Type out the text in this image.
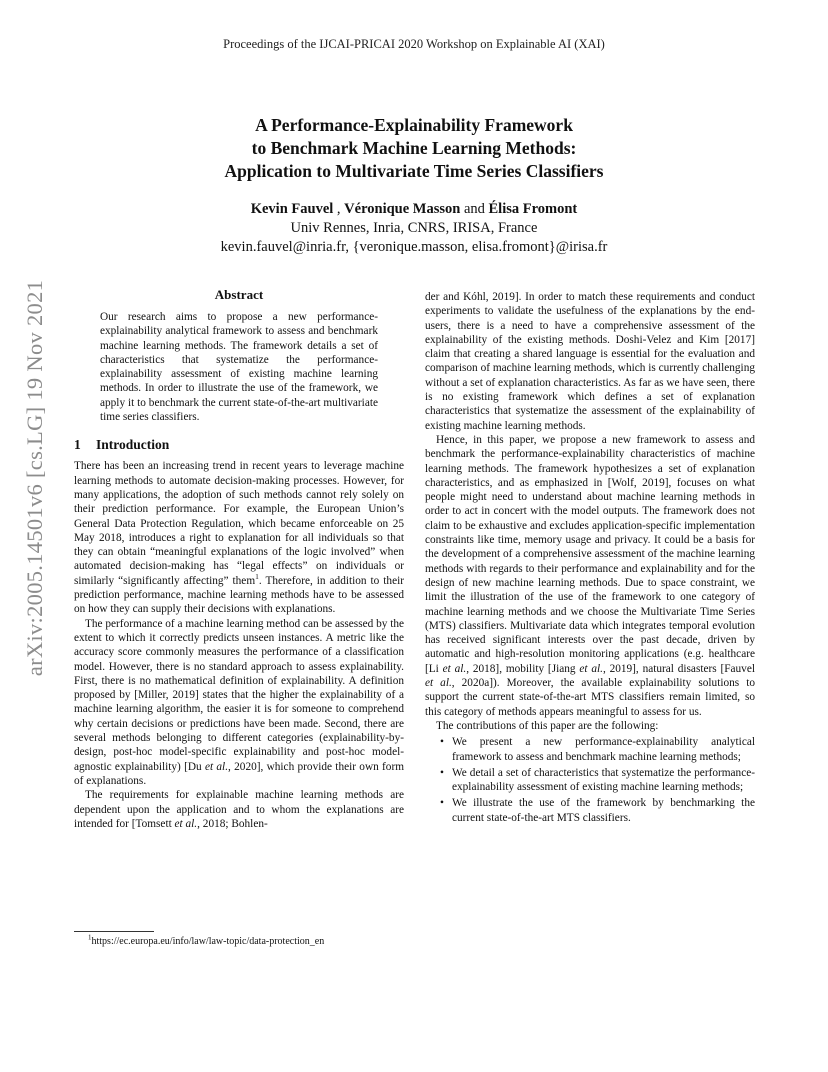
Proceedings of the IJCAI-PRICAI 2020 Workshop on Explainable AI (XAI)
arXiv:2005.14501v6 [cs.LG] 19 Nov 2021
A Performance-Explainability Framework
to Benchmark Machine Learning Methods:
Application to Multivariate Time Series Classifiers
Kevin Fauvel , Véronique Masson and Élisa Fromont
Univ Rennes, Inria, CNRS, IRISA, France
kevin.fauvel@inria.fr, {veronique.masson, elisa.fromont}@irisa.fr
Abstract

Our research aims to propose a new performance-explainability analytical framework to assess and benchmark machine learning methods. The framework details a set of characteristics that systematize the performance-explainability assessment of existing machine learning methods. In order to illustrate the use of the framework, we apply it to benchmark the current state-of-the-art multivariate time series classifiers.

1 Introduction

There has been an increasing trend in recent years to leverage machine learning methods to automate decision-making processes. However, for many applications, the adoption of such methods cannot rely solely on their prediction performance. For example, the European Union’s General Data Protection Regulation, which became enforceable on 25 May 2018, introduces a right to explanation for all individuals so that they can obtain “meaningful explanations of the logic involved” when automated decision-making has “legal effects” on individuals or similarly “significantly affecting” them$^1$. Therefore, in addition to their prediction performance, machine learning methods have to be assessed on how they can supply their decisions with explanations.

The performance of a machine learning method can be assessed by the extent to which it correctly predicts unseen instances. A metric like the accuracy score commonly measures the performance of a classification model. However, there is no standard approach to assess explainability. First, there is no mathematical definition of explainability. A definition proposed by [Miller, 2019] states that the higher the explainability of a machine learning algorithm, the easier it is for someone to comprehend why certain decisions or predictions have been made. Second, there are several methods belonging to different categories (explainability-by-design, post-hoc model-specific explainability and post-hoc model-agnostic explainability) [Du et al., 2020], which provide their own form of explanations.

The requirements for explainable machine learning methods are dependent upon the application and to whom the explanations are intended for [Tomsett et al., 2018; Bohlen-

der and Kóhl, 2019]. In order to match these requirements and conduct experiments to validate the usefulness of the explanations by the end-users, there is a need to have a comprehensive assessment of the explainability of the existing methods. Doshi-Velez and Kim [2017] claim that creating a shared language is essential for the evaluation and comparison of machine learning methods, which is currently challenging without a set of explanation characteristics. As far as we have seen, there is no existing framework which defines a set of explanation characteristics that systematize the assessment of the explainability of existing machine learning methods.

Hence, in this paper, we propose a new framework to assess and benchmark the performance-explainability characteristics of machine learning methods. The framework hypothesizes a set of explanation characteristics, and as emphasized in [Wolf, 2019], focuses on what people might need to understand about machine learning methods in order to act in concert with the model outputs. The framework does not claim to be exhaustive and excludes application-specific implementation constraints like time, memory usage and privacy. It could be a basis for the development of a comprehensive assessment of the machine learning methods with regards to their performance and explainability and for the design of new machine learning methods. Due to space constraint, we limit the illustration of the use of the framework to one category of machine learning methods and we choose the Multivariate Time Series (MTS) classifiers. Multivariate data which integrates temporal evolution has received significant interests over the past decade, driven by automatic and high-resolution monitoring applications (e.g. healthcare [Li et al., 2018], mobility [Jiang et al., 2019], natural disasters [Fauvel et al., 2020a]). Moreover, the available explainability solutions to support the current state-of-the-art MTS classifiers remain limited, so this category of methods appears meaningful to assess for us.

The contributions of this paper are the following:

• We present a new performance-explainability analytical framework to assess and benchmark machine learning methods;
• We detail a set of characteristics that systematize the performance-explainability assessment of existing machine learning methods;
• We illustrate the use of the framework by benchmarking the current state-of-the-art MTS classifiers.
$^1$https://ec.europa.eu/info/law/law-topic/data-protection_en
